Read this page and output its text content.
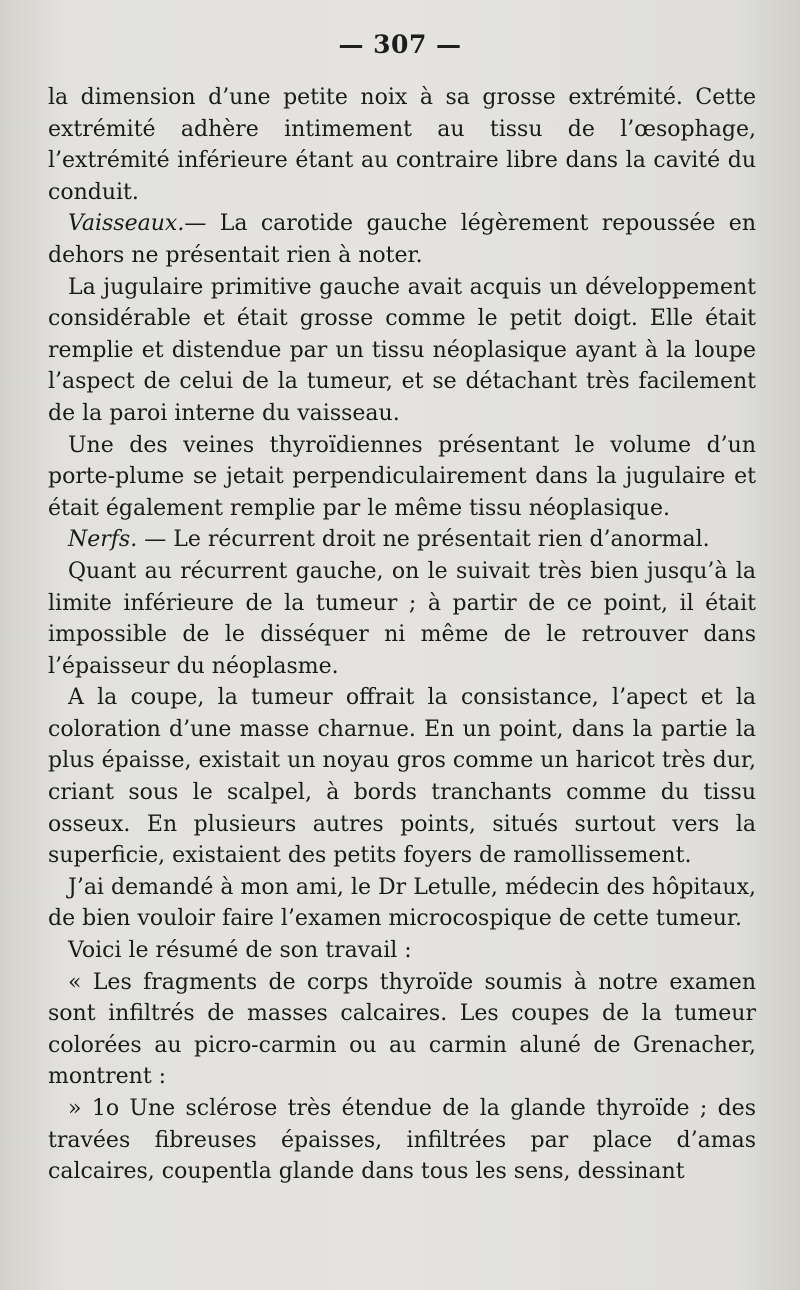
— 307 —

la dimension d’une petite noix à sa grosse extrémité. Cette extrémité adhère intimement au tissu de l’œsophage, l’extrémité inférieure étant au contraire libre dans la cavité du conduit.

Vaisseaux.— La carotide gauche légèrement repoussée en dehors ne présentait rien à noter.

La jugulaire primitive gauche avait acquis un développement considérable et était grosse comme le petit doigt. Elle était remplie et distendue par un tissu néoplasique ayant à la loupe l’aspect de celui de la tumeur, et se détachant très facilement de la paroi interne du vaisseau.

Une des veines thyroïdiennes présentant le volume d’un porte-plume se jetait perpendiculairement dans la jugulaire et était également remplie par le même tissu néoplasique.

Nerfs. — Le récurrent droit ne présentait rien d’anormal.

Quant au récurrent gauche, on le suivait très bien jusqu’à la limite inférieure de la tumeur ; à partir de ce point, il était impossible de le disséquer ni même de le retrouver dans l’épaisseur du néoplasme.

A la coupe, la tumeur offrait la consistance, l’apect et la coloration d’une masse charnue. En un point, dans la partie la plus épaisse, existait un noyau gros comme un haricot très dur, criant sous le scalpel, à bords tranchants comme du tissu osseux. En plusieurs autres points, situés surtout vers la superficie, existaient des petits foyers de ramollissement.

J’ai demandé à mon ami, le Dr Letulle, médecin des hôpitaux, de bien vouloir faire l’examen microcospique de cette tumeur.

Voici le résumé de son travail :

« Les fragments de corps thyroïde soumis à notre examen sont infiltrés de masses calcaires. Les coupes de la tumeur colorées au picro-carmin ou au carmin aluné de Grenacher, montrent :

» 1o Une sclérose très étendue de la glande thyroïde ; des travées fibreuses épaisses, infiltrées par place d’amas calcaires, coupentla glande dans tous les sens, dessinant
